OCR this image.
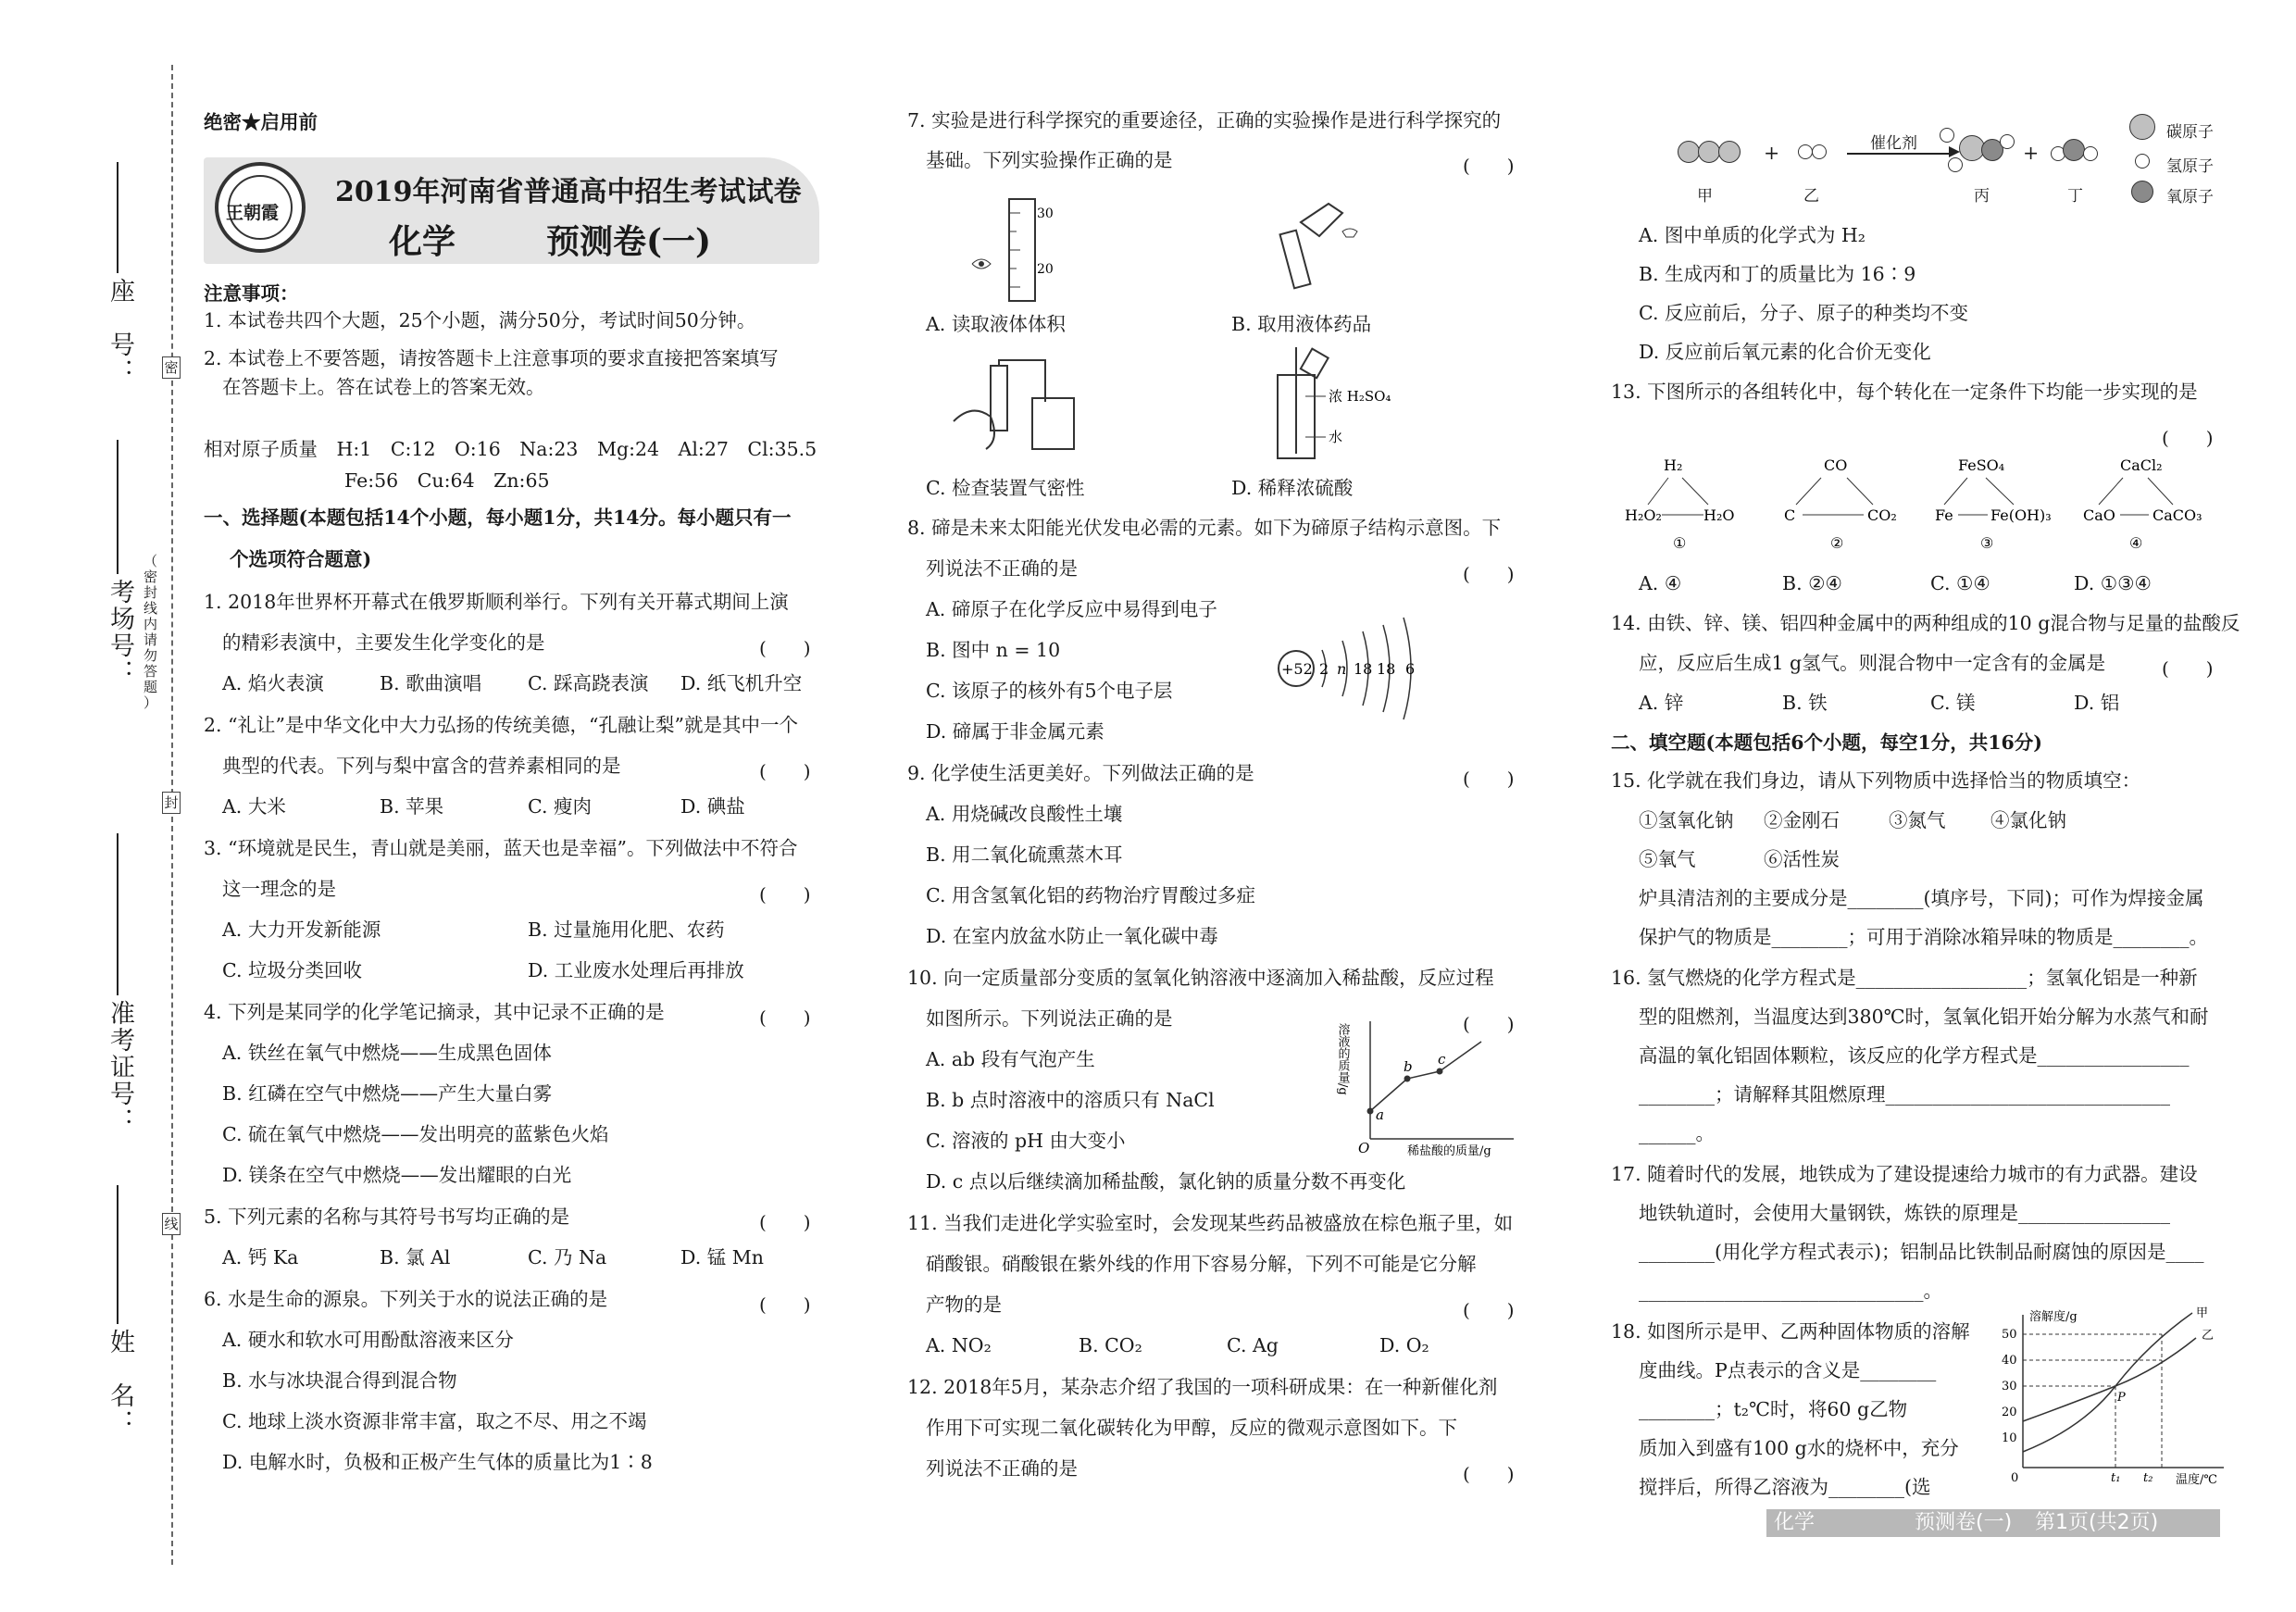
密
封
线
座　号：
考场号：
准考证号：
姓　名：
（
密
封
线
内
请
勿
答
题
）
绝密★启用前
王朝霞
2019年河南省普通高中招生考试试卷
化学	预测卷(一)
注意事项：
1. 本试卷共四个大题，25个小题，满分50分，考试时间50分钟。
2. 本试卷上不要答题，请按答题卡上注意事项的要求直接把答案填写
在答题卡上。答在试卷上的答案无效。
相对原子质量　H:1　C:12　O:16　Na:23　Mg:24　Al:27　Cl:35.5
Fe:56　Cu:64　Zn:65
一、选择题(本题包括14个小题，每小题1分，共14分。每小题只有一
个选项符合题意)
1. 2018年世界杯开幕式在俄罗斯顺利举行。下列有关开幕式期间上演
的精彩表演中，主要发生化学变化的是	(　　)
A. 焰火表演	B. 歌曲演唱 C. 踩高跷表演 D. 纸飞机升空
2. “礼让”是中华文化中大力弘扬的传统美德，“孔融让梨”就是其中一个
典型的代表。下列与梨中富含的营养素相同的是	(　　)
A. 大米	B. 苹果	C. 瘦肉	D. 碘盐
3. “环境就是民生，青山就是美丽，蓝天也是幸福”。下列做法中不符合
这一理念的是	(　　)
A. 大力开发新能源	B. 过量施用化肥、农药
C. 垃圾分类回收	D. 工业废水处理后再排放
4. 下列是某同学的化学笔记摘录，其中记录不正确的是	(　　)
A. 铁丝在氧气中燃烧——生成黑色固体
B. 红磷在空气中燃烧——产生大量白雾
C. 硫在氧气中燃烧——发出明亮的蓝紫色火焰
D. 镁条在空气中燃烧——发出耀眼的白光
5. 下列元素的名称与其符号书写均正确的是	(　　)
A. 钙 Ka	B. 氯 Al	C. 乃 Na	D. 锰 Mn
6. 水是生命的源泉。下列关于水的说法正确的是	(　　)
A. 硬水和软水可用酚酞溶液来区分
B. 水与冰块混合得到混合物
C. 地球上淡水资源非常丰富，取之不尽、用之不竭
D. 电解水时，负极和正极产生气体的质量比为1∶8
7. 实验是进行科学探究的重要途径，正确的实验操作是进行科学探究的
基础。下列实验操作正确的是	(　　)
30
20
A. 读取液体体积	B. 取用液体药品
浓 H₂SO₄
水
C. 检查装置气密性	D. 稀释浓硫酸
8. 碲是未来太阳能光伏发电必需的元素。如下为碲原子结构示意图。下
列说法不正确的是	(　　)
A. 碲原子在化学反应中易得到电子
B. 图中 n = 10
C. 该原子的核外有5个电子层
D. 碲属于非金属元素
+52 2 n 18 18 6
9. 化学使生活更美好。下列做法正确的是	(　　)
A. 用烧碱改良酸性土壤
B. 用二氧化硫熏蒸木耳
C. 用含氢氧化铝的药物治疗胃酸过多症
D. 在室内放盆水防止一氧化碳中毒
10. 向一定质量部分变质的氢氧化钠溶液中逐滴加入稀盐酸，反应过程
如图所示。下列说法正确的是	(　　)
A. ab 段有气泡产生
B. b 点时溶液中的溶质只有 NaCl
C. 溶液的 pH 由大变小
D. c 点以后继续滴加稀盐酸，氯化钠的质量分数不再变化
a
b c
O	稀盐酸的质量/g
溶液的质量/g
11. 当我们走进化学实验室时，会发现某些药品被盛放在棕色瓶子里，如
硝酸银。硝酸银在紫外线的作用下容易分解，下列不可能是它分解
产物的是	(　　)
A. NO₂	B. CO₂	C. Ag	D. O₂
12. 2018年5月，某杂志介绍了我国的一项科研成果：在一种新催化剂
作用下可实现二氧化碳转化为甲醇，反应的微观示意图如下。下
列说法不正确的是	(　　)
+	催化剂	+
甲	乙	丙	丁
碳原子
氢原子
氧原子
A. 图中单质的化学式为 H₂
B. 生成丙和丁的质量比为 16∶9
C. 反应前后，分子、原子的种类均不变
D. 反应前后氧元素的化合价无变化
13. 下图所示的各组转化中，每个转化在一定条件下均能一步实现的是
(　　)
H₂
H₂O₂	H₂O
①
CO
C	CO₂
②
FeSO₄
Fe	Fe(OH)₃
③
CaCl₂
CaO	CaCO₃
④
A. ④	B. ②④	C. ①④	D. ①③④
14. 由铁、锌、镁、铝四种金属中的两种组成的10 g混合物与足量的盐酸反
应，反应后生成1 g氢气。则混合物中一定含有的金属是	(　　)
A. 锌	B. 铁	C. 镁	D. 铝
二、填空题(本题包括6个小题，每空1分，共16分)
15. 化学就在我们身边，请从下列物质中选择恰当的物质填空：
①氢氧化钠 ②金刚石	③氮气 ④氯化钠
⑤氧气	⑥活性炭
炉具清洁剂的主要成分是________(填序号，下同)；可作为焊接金属
保护气的物质是________；可用于消除冰箱异味的物质是________。
16. 氢气燃烧的化学方程式是__________________；氢氧化铝是一种新
型的阻燃剂，当温度达到380℃时，氢氧化铝开始分解为水蒸气和耐
高温的氧化铝固体颗粒，该反应的化学方程式是________________
________；请解释其阻燃原理______________________________
______。
17. 随着时代的发展，地铁成为了建设提速给力城市的有力武器。建设
地铁轨道时，会使用大量钢铁，炼铁的原理是________________
________(用化学方程式表示)；铝制品比铁制品耐腐蚀的原因是____
______________________________。
18. 如图所示是甲、乙两种固体物质的溶解
度曲线。P点表示的含义是________
________；t₂℃时，将60 g乙物
质加入到盛有100 g水的烧杯中，充分
搅拌后，所得乙溶液为________(选
50
40
30
20
10
0
溶解度/g
温度/℃
t₁ t₂
甲
乙
P
化学	预测卷(一) 第1页(共2页)
